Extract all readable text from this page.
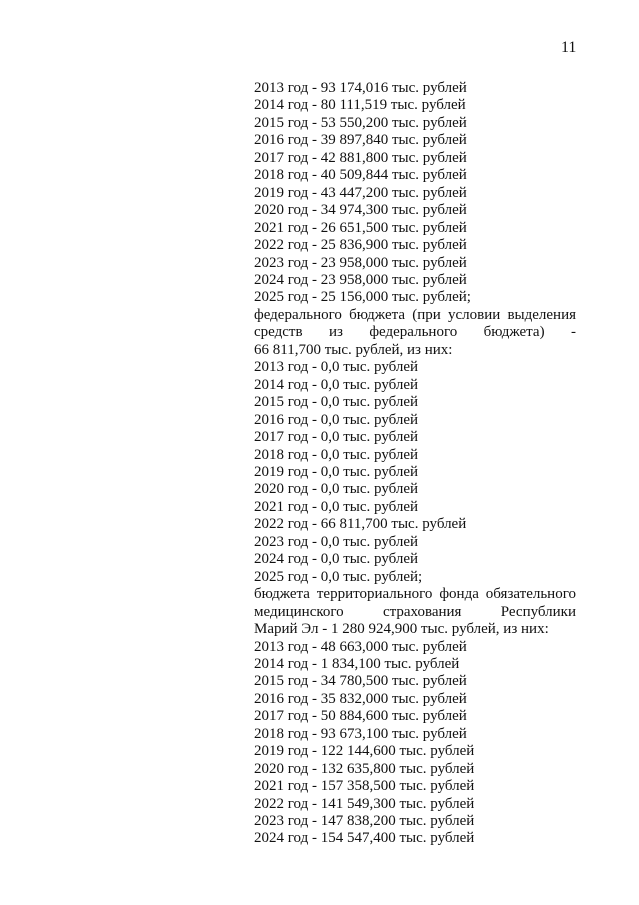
11
2013 год - 93 174,016 тыс. рублей
2014 год - 80 111,519 тыс. рублей
2015 год - 53 550,200 тыс. рублей
2016 год - 39 897,840 тыс. рублей
2017 год - 42 881,800 тыс. рублей
2018 год - 40 509,844 тыс. рублей
2019 год - 43 447,200 тыс. рублей
2020 год - 34 974,300 тыс. рублей
2021 год - 26 651,500 тыс. рублей
2022 год - 25 836,900 тыс. рублей
2023 год - 23 958,000 тыс. рублей
2024 год - 23 958,000 тыс. рублей
2025 год - 25 156,000 тыс. рублей;
федерального бюджета (при условии выделения
средств из федерального бюджета) -
66 811,700 тыс. рублей, из них:
2013 год - 0,0 тыс. рублей
2014 год - 0,0 тыс. рублей
2015 год - 0,0 тыс. рублей
2016 год - 0,0 тыс. рублей
2017 год - 0,0 тыс. рублей
2018 год - 0,0 тыс. рублей
2019 год - 0,0 тыс. рублей
2020 год - 0,0 тыс. рублей
2021 год - 0,0 тыс. рублей
2022 год - 66 811,700 тыс. рублей
2023 год - 0,0 тыс. рублей
2024 год - 0,0 тыс. рублей
2025 год - 0,0 тыс. рублей;
бюджета территориального фонда обязательного
медицинского страхования Республики
Марий Эл - 1 280 924,900 тыс. рублей, из них:
2013 год - 48 663,000 тыс. рублей
2014 год - 1 834,100 тыс. рублей
2015 год - 34 780,500 тыс. рублей
2016 год - 35 832,000 тыс. рублей
2017 год - 50 884,600 тыс. рублей
2018 год - 93 673,100 тыс. рублей
2019 год - 122 144,600 тыс. рублей
2020 год - 132 635,800 тыс. рублей
2021 год - 157 358,500 тыс. рублей
2022 год - 141 549,300 тыс. рублей
2023 год - 147 838,200 тыс. рублей
2024 год - 154 547,400 тыс. рублей
